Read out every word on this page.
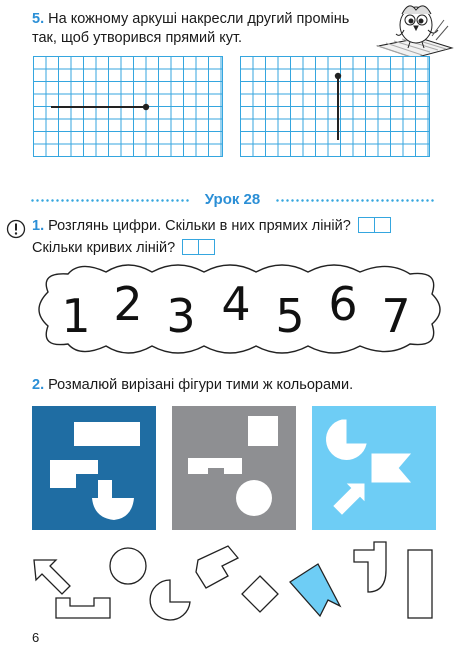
5. На кожному аркуші накресли другий промінь
так, щоб утворився прямий кут.
Урок 28
1. Розглянь цифри. Скільки в них прямих ліній?
Скільки кривих ліній?
1 2 3 4 5 6 7
2. Розмалюй вирізані фігури тими ж кольорами.
6
